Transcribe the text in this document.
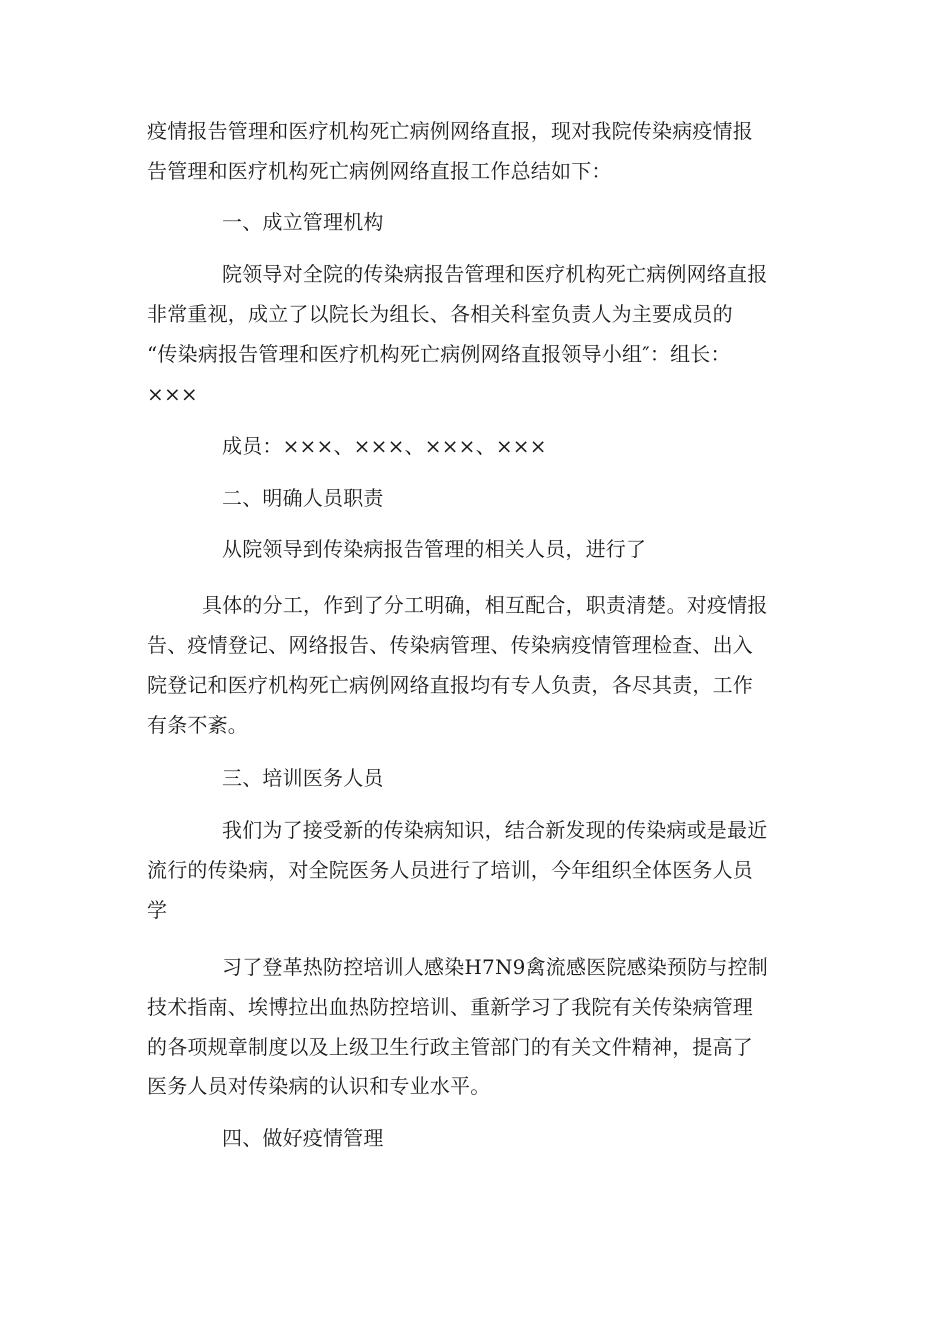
疫情报告管理和医疗机构死亡病例网络直报，现对我院传染病疫情报
告管理和医疗机构死亡病例网络直报工作总结如下：
一、成立管理机构
院领导对全院的传染病报告管理和医疗机构死亡病例网络直报
非常重视，成立了以院长为组长、各相关科室负责人为主要成员的
“传染病报告管理和医疗机构死亡病例网络直报领导小组″：组长：
×××
成员：×××、×××、×××、×××
二、明确人员职责
从院领导到传染病报告管理的相关人员，进行了
具体的分工，作到了分工明确，相互配合，职责清楚。对疫情报
告、疫情登记、网络报告、传染病管理、传染病疫情管理检查、出入
院登记和医疗机构死亡病例网络直报均有专人负责，各尽其责，工作
有条不紊。
三、培训医务人员
我们为了接受新的传染病知识，结合新发现的传染病或是最近
流行的传染病，对全院医务人员进行了培训，今年组织全体医务人员
学
习了登革热防控培训人感染H7N9禽流感医院感染预防与控制
技术指南、埃博拉出血热防控培训、重新学习了我院有关传染病管理
的各项规章制度以及上级卫生行政主管部门的有关文件精神，提高了
医务人员对传染病的认识和专业水平。
四、做好疫情管理
